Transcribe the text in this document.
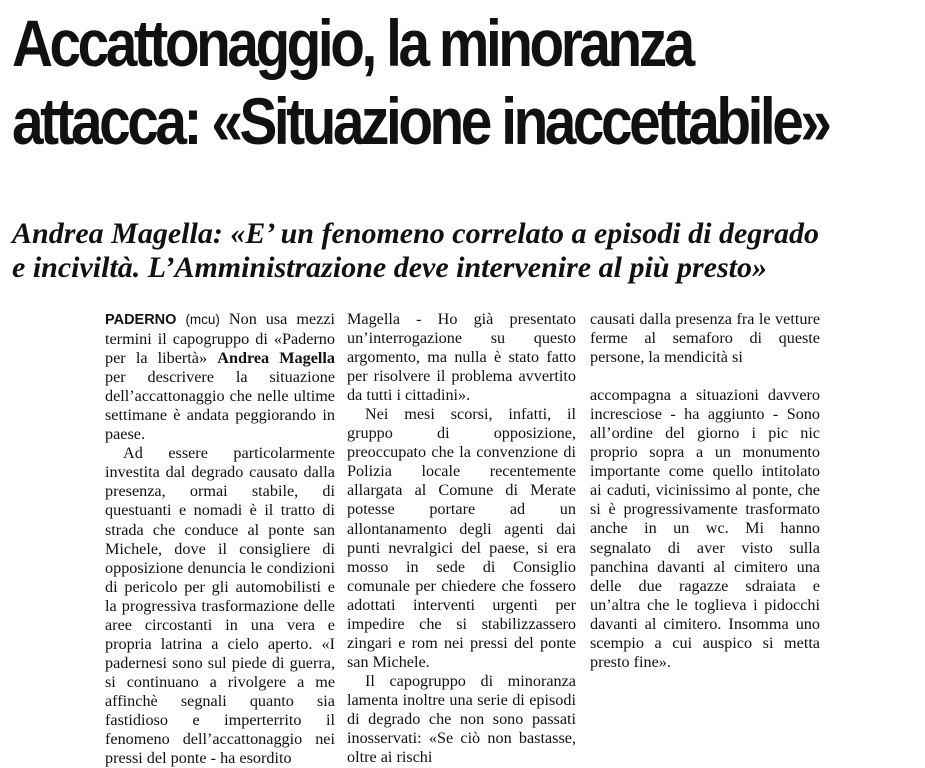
Accattonaggio, la minoranza
attacca: «Situazione inaccettabile»
Andrea Magella: «E’ un fenomeno correlato a episodi di degrado
e inciviltà. L’Amministrazione deve intervenire al più presto»

PADERNO (mcu) Non usa mezzi termini il capogruppo di «Paderno per la libertà» Andrea Magella per descrivere la situazione dell’accattonaggio che nelle ultime settimane è andata peggiorando in paese.

Ad essere particolarmente investita dal degrado causato dalla presenza, ormai stabile, di questuanti e nomadi è il tratto di strada che conduce al ponte san Michele, dove il consigliere di opposizione denuncia le condizioni di pericolo per gli automobilisti e la progressiva trasformazione delle aree circostanti in una vera e propria latrina a cielo aperto. «I padernesi sono sul piede di guerra, si continuano a rivolgere a me affinchè segnali quanto sia fastidioso e imperterrito il fenomeno dell’accattonaggio nei pressi del ponte - ha esordito

Magella - Ho già presentato un’interrogazione su questo argomento, ma nulla è stato fatto per risolvere il problema avvertito da tutti i cittadini».

Nei mesi scorsi, infatti, il gruppo di opposizione, preoccupato che la convenzione di Polizia locale recentemente allargata al Comune di Merate potesse portare ad un allontanamento degli agenti dai punti nevralgici del paese, si era mosso in sede di Consiglio comunale per chiedere che fossero adottati interventi urgenti per impedire che si stabilizzassero zingari e rom nei pressi del ponte san Michele.

Il capogruppo di minoranza lamenta inoltre una serie di episodi di degrado che non sono passati inosservati: «Se ciò non bastasse, oltre ai rischi

causati dalla presenza fra le vetture ferme al semaforo di queste persone, la mendicità si

accompagna a situazioni davvero incresciose - ha aggiunto - Sono all’ordine del giorno i pic nic proprio sopra a un monumento importante come quello intitolato ai caduti, vicinissimo al ponte, che si è progressivamente trasformato anche in un wc. Mi hanno segnalato di aver visto sulla panchina davanti al cimitero una delle due ragazze sdraiata e un’altra che le toglieva i pidocchi davanti al cimitero. Insomma uno scempio a cui auspico si metta presto fine».
